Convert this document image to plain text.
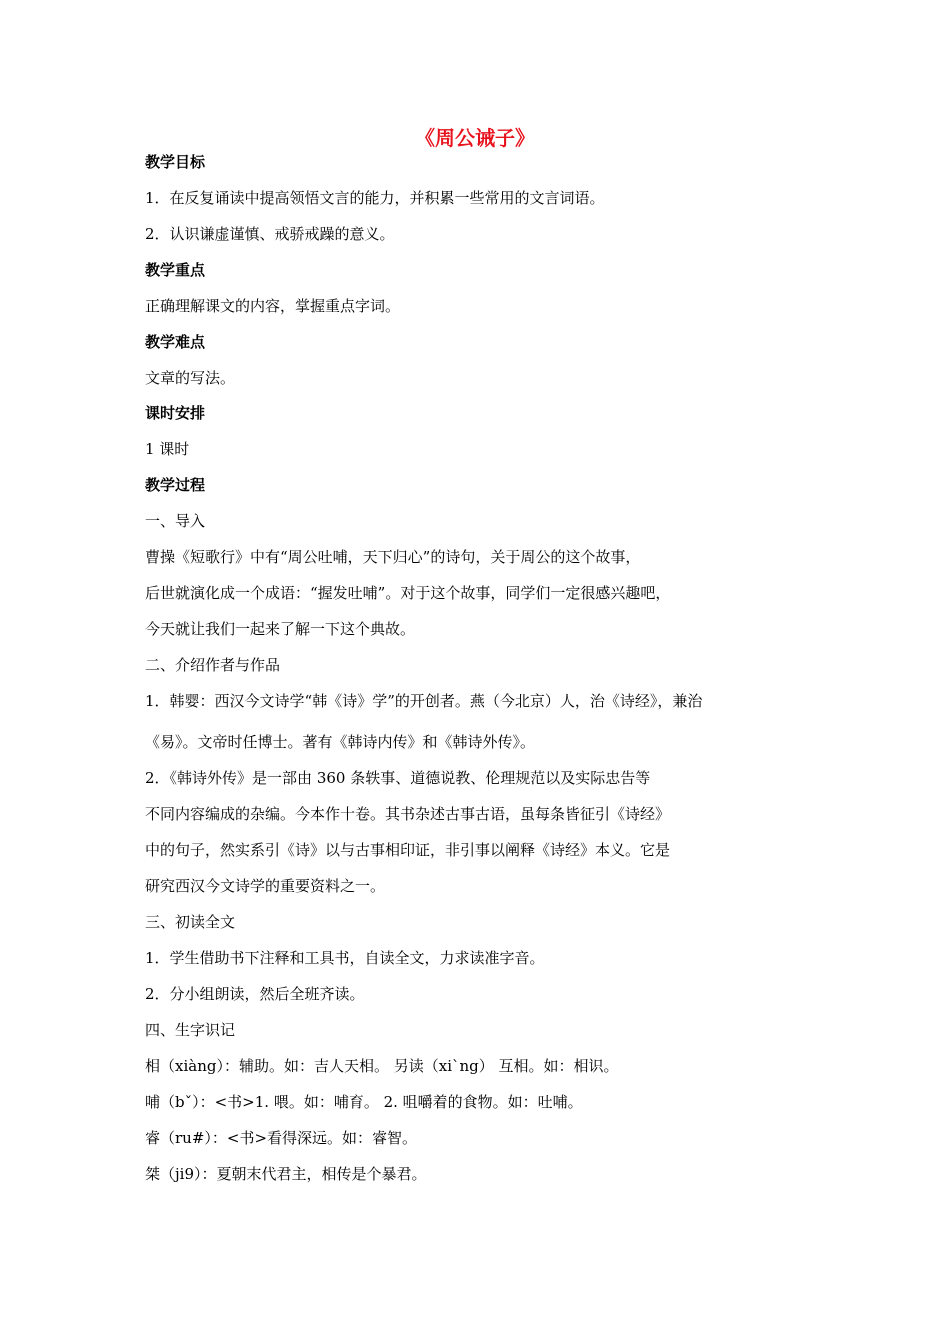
《周公诫子》

教学目标

1．在反复诵读中提高领悟文言的能力，并积累一些常用的文言词语。

2．认识谦虚谨慎、戒骄戒躁的意义。

教学重点

正确理解课文的内容，掌握重点字词。

教学难点

文章的写法。

课时安排

1 课时

教学过程

一、导入

曹操《短歌行》中有“周公吐哺，天下归心”的诗句，关于周公的这个故事，

后世就演化成一个成语：“握发吐哺”。对于这个故事，同学们一定很感兴趣吧，

今天就让我们一起来了解一下这个典故。

二、介绍作者与作品

1．韩婴：西汉今文诗学“韩《诗》学”的开创者。燕（今北京）人，治《诗经》，兼治

《易》。文帝时任博士。著有《韩诗内传》和《韩诗外传》。

2．《韩诗外传》是一部由 360 条轶事、道德说教、伦理规范以及实际忠告等

不同内容编成的杂编。今本作十卷。其书杂述古事古语，虽每条皆征引《诗经》

中的句子，然实系引《诗》以与古事相印证，非引事以阐释《诗经》本义。它是

研究西汉今文诗学的重要资料之一。

三、初读全文

1．学生借助书下注释和工具书，自读全文，力求读准字音。

2．分小组朗读，然后全班齐读。

四、生字识记

相（xiàng）：辅助。如：吉人天相。 另读（xi`ng） 互相。如：相识。

哺（bˇ）：<书>1. 喂。如：哺育。 2. 咀嚼着的食物。如：吐哺。

睿（ru#）：<书>看得深远。如：睿智。

桀（ji9）：夏朝末代君主，相传是个暴君。
